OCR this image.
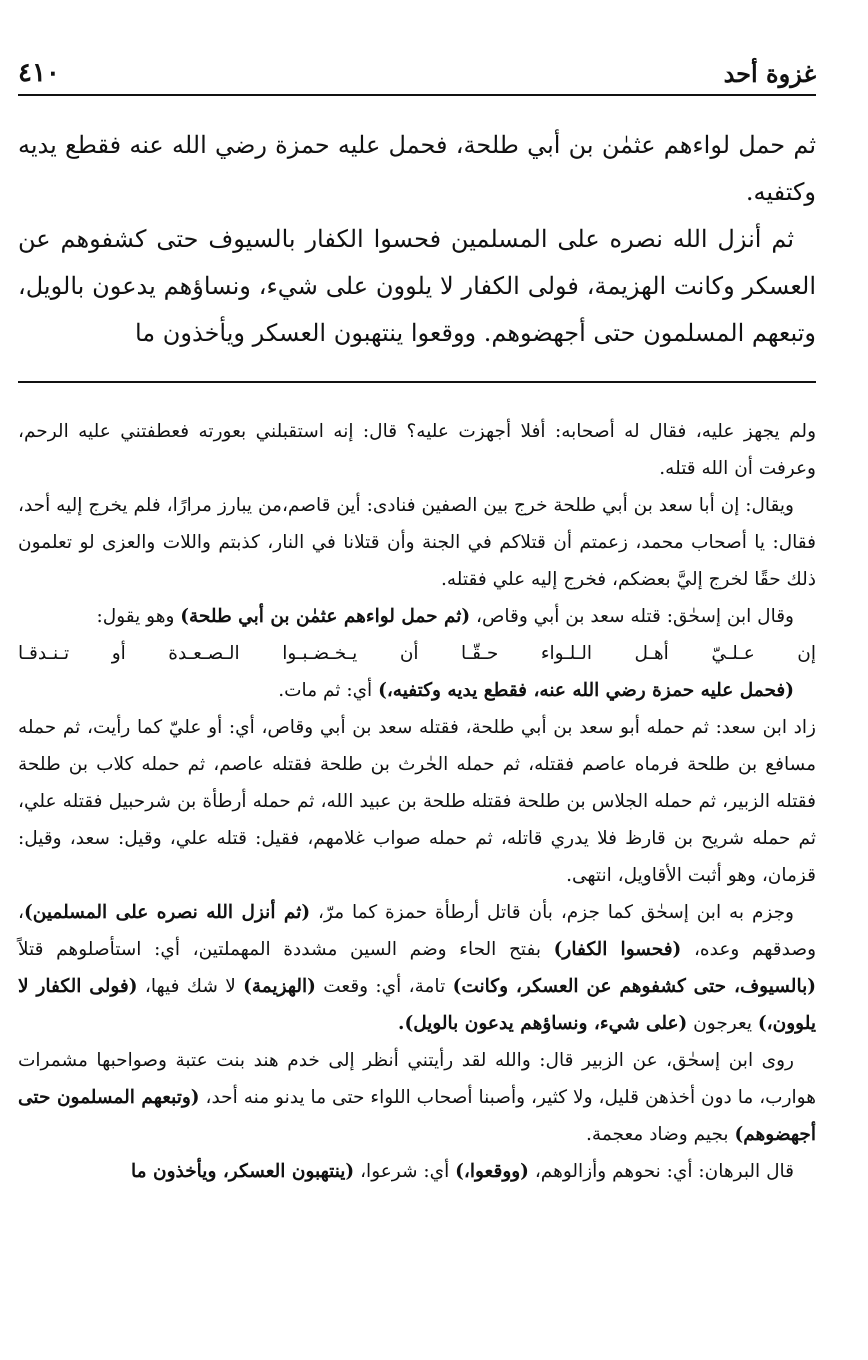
غزوة أحد
٤١٠

ثم حمل لواءهم عثمٰن بن أبي طلحة، فحمل عليه حمزة رضي الله عنه فقطع يديه وكتفيه.

ثم أنزل الله نصره على المسلمين فحسوا الكفار بالسيوف حتى كشفوهم عن العسكر وكانت الهزيمة، فولى الكفار لا يلوون على شيء، ونساؤهم يدعون بالويل، وتبعهم المسلمون حتى أجهضوهم. ووقعوا ينتهبون العسكر ويأخذون ما

ولم يجهز عليه، فقال له أصحابه: أفلا أجهزت عليه؟ قال: إنه استقبلني بعورته فعطفتني عليه الرحم، وعرفت أن الله قتله.

ويقال: إن أبا سعد بن أبي طلحة خرج بين الصفين فنادى: أين قاصم،من يبارز مرارًا، فلم يخرج إليه أحد، فقال: يا أصحاب محمد، زعمتم أن قتلاكم في الجنة وأن قتلانا في النار، كذبتم واللات والعزى لو تعلمون ذلك حقًا لخرج إليَّ بعضكم، فخرج إليه علي فقتله.

وقال ابن إسحٰق: قتله سعد بن أبي وقاص، (ثم حمل لواءهم عثمٰن بن أبي طلحة) وهو يقول:

إن عـلـيّ أهـل الـلـواء حـقّـا أن يـخـضـبـوا الـصـعـدة أو تـنـدقـا

(فحمل عليه حمزة رضي الله عنه، فقطع يديه وكتفيه،) أي: ثم مات.

زاد ابن سعد: ثم حمله أبو سعد بن أبي طلحة، فقتله سعد بن أبي وقاص، أي: أو عليّ كما رأيت، ثم حمله مسافع بن طلحة فرماه عاصم فقتله، ثم حمله الحٰرث بن طلحة فقتله عاصم، ثم حمله كلاب بن طلحة فقتله الزبير، ثم حمله الجلاس بن طلحة فقتله طلحة بن عبيد الله، ثم حمله أرطأة بن شرحبيل فقتله علي، ثم حمله شريح بن قارظ فلا يدري قاتله، ثم حمله صواب غلامهم، فقيل: قتله علي، وقيل: سعد، وقيل: قزمان، وهو أثبت الأقاويل، انتهى.

وجزم به ابن إسحٰق كما جزم، بأن قاتل أرطأة حمزة كما مرّ، (ثم أنزل الله نصره على المسلمين)، وصدقهم وعده، (فحسوا الكفار) بفتح الحاء وضم السين مشددة المهملتين، أي: استأصلوهم قتلاً (بالسيوف، حتى كشفوهم عن العسكر، وكانت) تامة، أي: وقعت (الهزيمة) لا شك فيها، (فولى الكفار لا يلوون،) يعرجون (على شيء، ونساؤهم يدعون بالويل).

روى ابن إسحٰق، عن الزبير قال: والله لقد رأيتني أنظر إلى خدم هند بنت عتبة وصواحبها مشمرات هوارب، ما دون أخذهن قليل، ولا كثير، وأصبنا أصحاب اللواء حتى ما يدنو منه أحد، (وتبعهم المسلمون حتى أجهضوهم) بجيم وضاد معجمة.

قال البرهان: أي: نحوهم وأزالوهم، (ووقعوا،) أي: شرعوا، (ينتهبون العسكر، ويأخذون ما
